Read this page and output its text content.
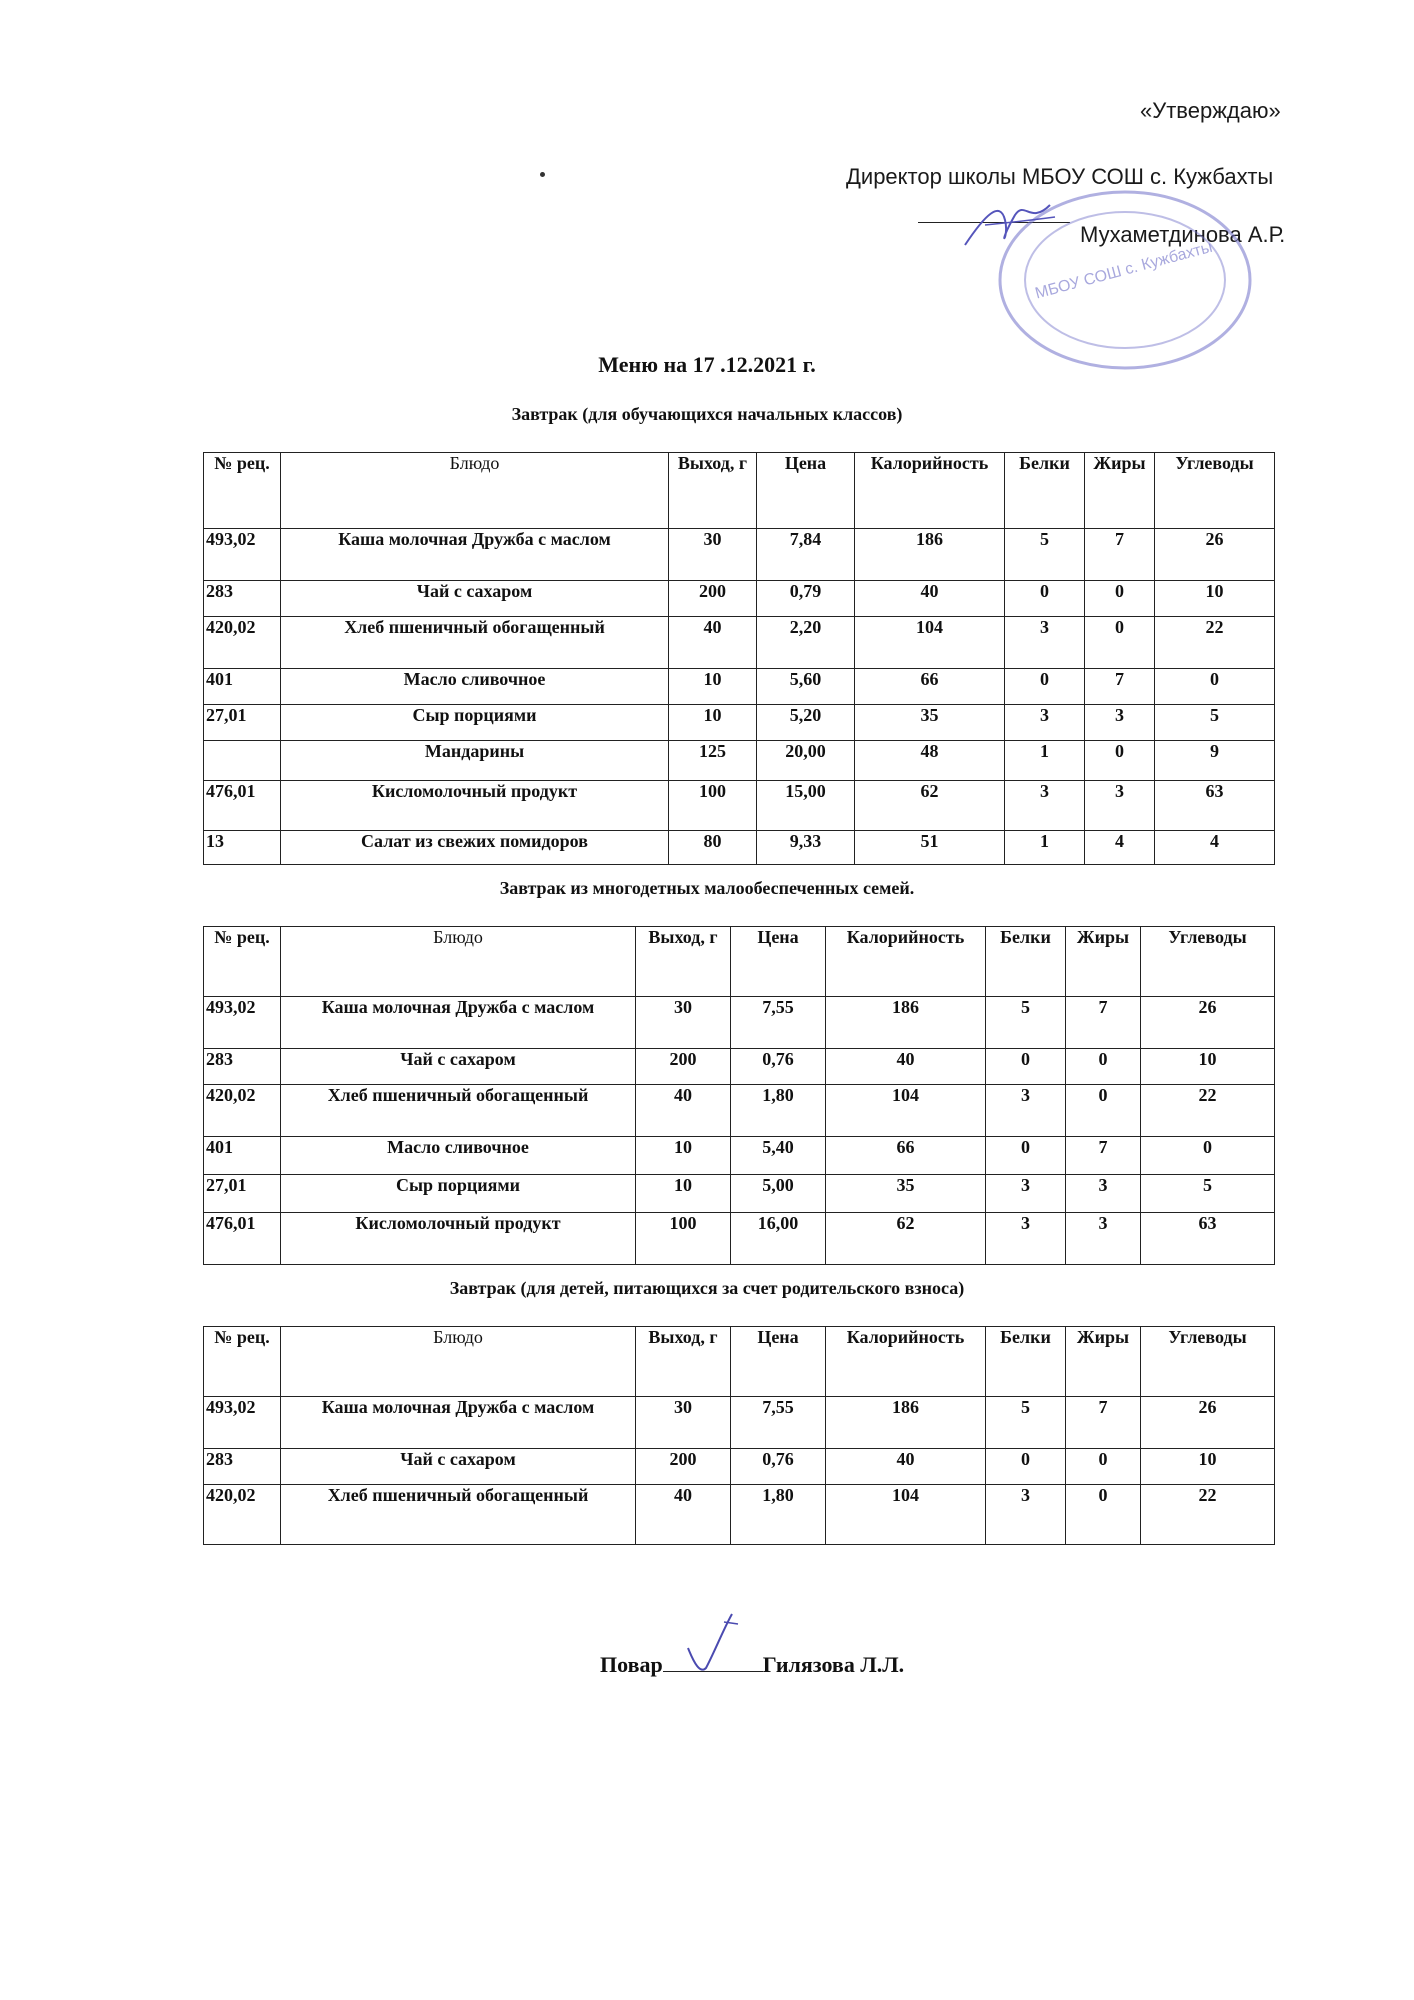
«Утверждаю»
Директор школы МБОУ СОШ с. Кужбахты
Мухаметдинова А.Р.
МБОУ СОШ с. Кужбахты
Меню на 17 .12.2021 г.
Завтрак (для обучающихся начальных классов)
№ рец.	Блюдо	Выход, г	Цена	Калорийность	Белки	Жиры	Углеводы
493,02	Каша молочная Дружба с маслом	30	7,84	186	5	7	26
283	Чай с сахаром	200	0,79	40	0	0	10
420,02	Хлеб пшеничный обогащенный	40	2,20	104	3	0	22
401	Масло сливочное	10	5,60	66	0	7	0
27,01	Сыр порциями	10	5,20	35	3	3	5
	Мандарины	125	20,00	48	1	0	9
476,01	Кисломолочный продукт	100	15,00	62	3	3	63
13	Салат из свежих помидоров	80	9,33	51	1	4	4
Завтрак из многодетных малообеспеченных семей.
№ рец.	Блюдо	Выход, г	Цена	Калорийность	Белки	Жиры	Углеводы
493,02	Каша молочная Дружба с маслом	30	7,55	186	5	7	26
283	Чай с сахаром	200	0,76	40	0	0	10
420,02	Хлеб пшеничный обогащенный	40	1,80	104	3	0	22
401	Масло сливочное	10	5,40	66	0	7	0
27,01	Сыр порциями	10	5,00	35	3	3	5
476,01	Кисломолочный продукт	100	16,00	62	3	3	63
Завтрак (для детей, питающихся за счет родительского взноса)
№ рец.	Блюдо	Выход, г	Цена	Калорийность	Белки	Жиры	Углеводы
493,02	Каша молочная Дружба с маслом	30	7,55	186	5	7	26
283	Чай с сахаром	200	0,76	40	0	0	10
420,02	Хлеб пшеничный обогащенный	40	1,80	104	3	0	22
Повар	Гилязова Л.Л.
